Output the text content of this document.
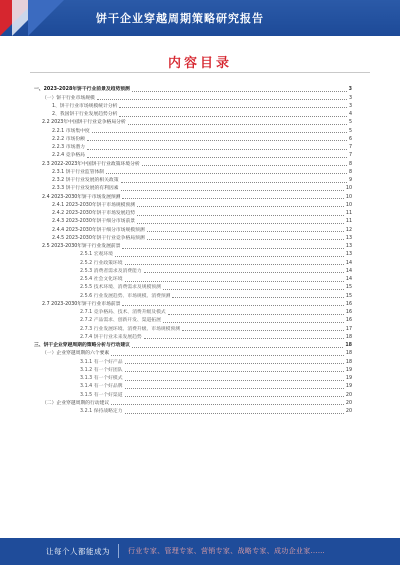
饼干企业穿越周期策略研究报告
内容目录
一、2023-2028年饼干行业前景及趋势预测	3
（一）饼干行业市场规模	3
1、饼干行业市场规模统计分析	3
2、我国饼干行业发展趋势分析	4
2.2 2023年中国饼干行业竞争格局分析	5
2.2.1 市场集中度	5
2.2.2 市场份额	6
2.2.3 市场潜力	7
2.2.4 竞争格局	7
2.3 2022-2023年中国饼干行业政策环境分析	8
2.3.1 饼干行业监管体制	8
2.3.2 饼干行业发展的相关政策	9
2.3.3 饼干行业发展的有利因素	10
2.4 2023-2030年饼干市场发展预测	10
2.4.1 2023-2030年饼干市场规模预测	10
2.4.2 2023-2030年饼干市场发展趋势	11
2.4.3 2023-2030年饼干细分市场前景	11
2.4.4 2023-2030年饼干细分市场规模预测	12
2.4.5 2023-2030年饼干行业竞争格局预测	13
2.5 2023-2030年饼干行业发展前景	13
2.5.1 宏观环境	13
2.5.2 行业政策环境	14
2.5.3 消费者需求及消费能力	14
2.5.4 社会文化环境	14
2.5.5 技术环境、消费需求及规模预测	15
2.5.6 行业发展趋势、市场规模、消费预测	15
2.7 2023-2030年饼干行业市场前景	16
2.7.1 竞争格局、技术、消费升级及模式	16
2.7.2 产品需求、创新开发、渠道拓展	16
2.7.3 行业发展环境、消费升级、市场规模预测	17
2.7.4 饼干行业未来发展趋势	18
三、饼干企业穿越周期的策略分析与行动建议	18
（一）企业穿越周期的六个要素	18
3.1.1 有一个好产品	18
3.1.2 有一个好团队	19
3.1.3 有一个好模式	19
3.1.4 有一个好品牌	19
3.1.5 有一个好渠道	20
（二）企业穿越周期的行动建议	20
3.2.1 保持战略定力	20
让每个人都能成为	行业专家、管理专家、营销专家、战略专家、成功企业家……
